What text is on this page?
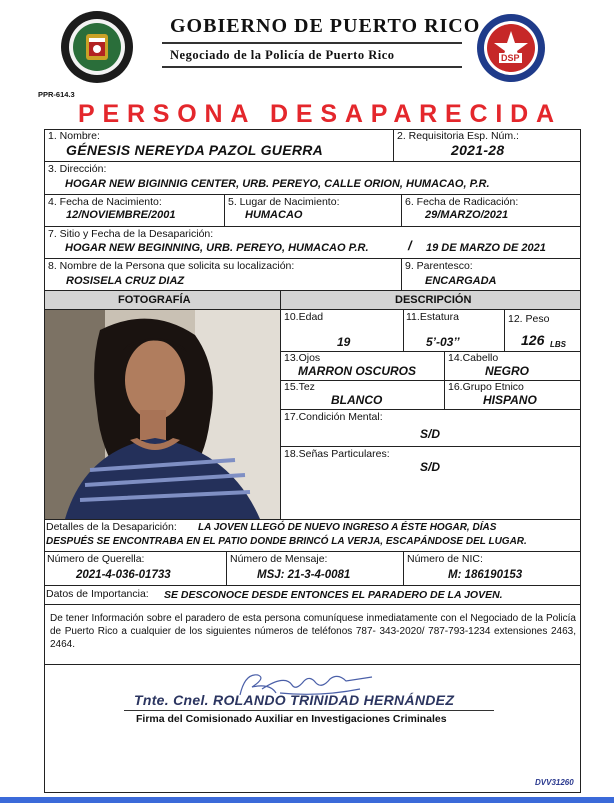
GOBIERNO DE PUERTO RICO
Negociado de la Policía de Puerto Rico	DSP
PPR-614.3
PERSONA DESAPARECIDA
1. Nombre:
GÉNESIS NEREYDA PAZOL GUERRA
2. Requisitoria Esp. Núm.:
2021-28
3. Dirección:
HOGAR NEW BIGINNIG CENTER, URB. PEREYO, CALLE ORION, HUMACAO, P.R.
4. Fecha de Nacimiento:
12/NOVIEMBRE/2001
5. Lugar de Nacimiento:
HUMACAO
6. Fecha de Radicación:
29/MARZO/2021
7. Sitio y Fecha de la Desaparición:
HOGAR NEW BEGINNING, URB. PEREYO, HUMACAO P.R.	/ 19 DE MARZO DE 2021
8. Nombre de la Persona que solicita su localización:
ROSISELA CRUZ DIAZ
9. Parentesco:
ENCARGADA
FOTOGRAFÍA	DESCRIPCIÓN
10.Edad
19
11.Estatura
5’-03’’
12. Peso
126 LBS
13.Ojos
MARRON OSCUROS
14.Cabello
NEGRO
15.Tez
BLANCO
16.Grupo Etnico
HISPANO
17.Condición Mental:
S/D
18.Señas Particulares:
S/D
Detalles de la Desaparición: LA JOVEN LLEGÓ DE NUEVO INGRESO A ÉSTE HOGAR, DÍAS
DESPUÉS SE ENCONTRABA EN EL PATIO DONDE BRINCÓ LA VERJA, ESCAPÁNDOSE DEL LUGAR.
Número de Querella:
2021-4-036-01733
Número de Mensaje:
MSJ: 21-3-4-0081
Número de NIC:
M: 186190153
Datos de Importancia: SE DESCONOCE DESDE ENTONCES EL PARADERO DE LA JOVEN.
De tener Información sobre el paradero de esta persona comuníquese inmediatamente con el Negociado de la Policía de Puerto Rico a cualquier de los siguientes números de teléfonos 787- 343-2020/ 787-793-1234 extensiones 2463, 2464.
Tnte. Cnel. ROLANDO TRINIDAD HERNÁNDEZ
Firma del Comisionado Auxiliar en Investigaciones Criminales
DVV31260
